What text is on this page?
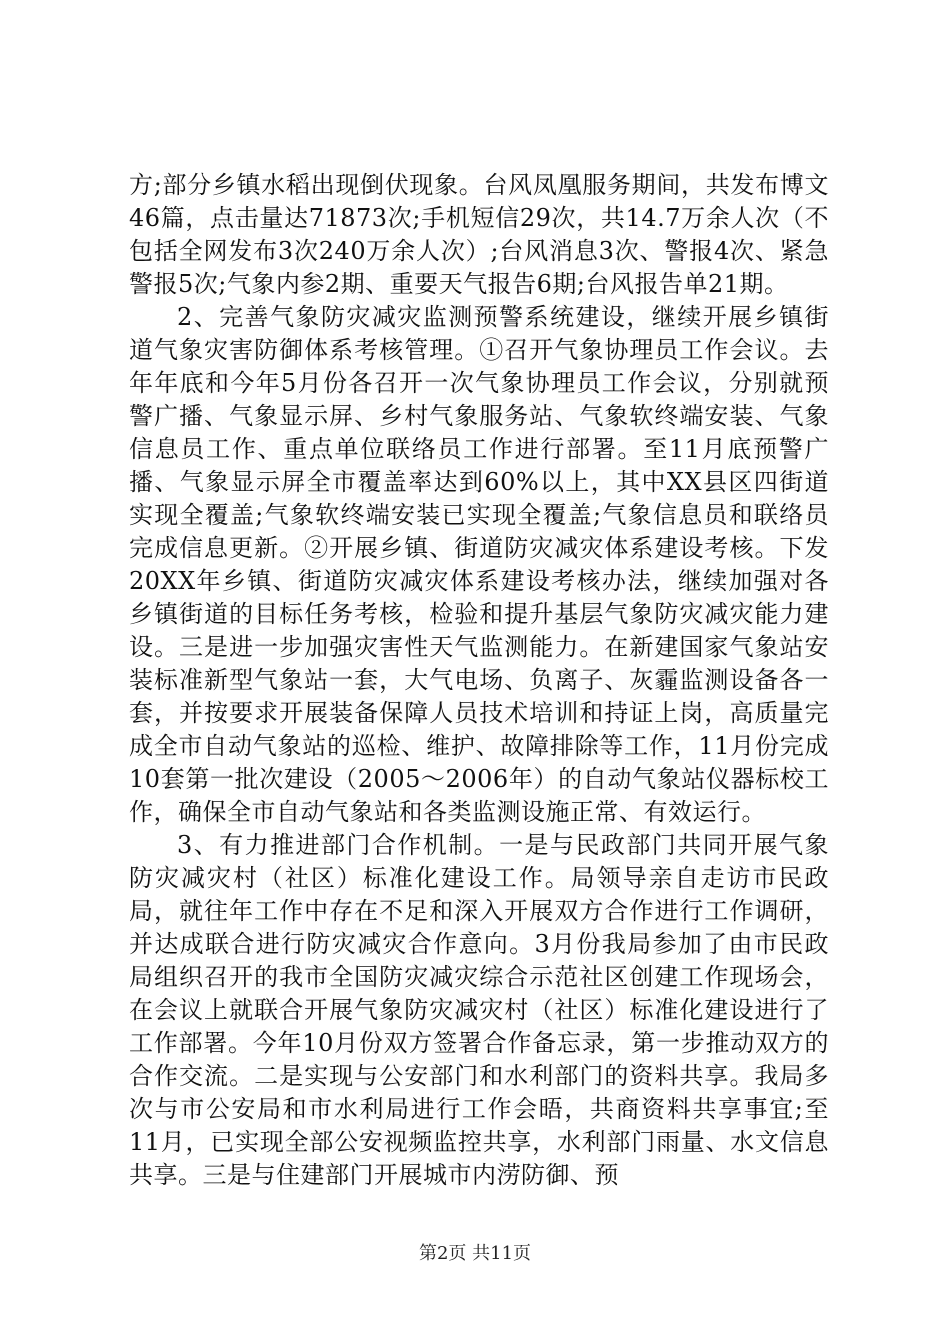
方;部分乡镇水稻出现倒伏现象。台风凤凰服务期间，共发布博文46篇，点击量达71873次;手机短信29次，共14.7万余人次（不包括全网发布3次240万余人次）;台风消息3次、警报4次、紧急警报5次;气象内参2期、重要天气报告6期;台风报告单21期。

2、完善气象防灾减灾监测预警系统建设，继续开展乡镇街道气象灾害防御体系考核管理。①召开气象协理员工作会议。去年年底和今年5月份各召开一次气象协理员工作会议，分别就预警广播、气象显示屏、乡村气象服务站、气象软终端安装、气象信息员工作、重点单位联络员工作进行部署。至11月底预警广播、气象显示屏全市覆盖率达到60%以上，其中XX县区四街道实现全覆盖;气象软终端安装已实现全覆盖;气象信息员和联络员完成信息更新。②开展乡镇、街道防灾减灾体系建设考核。下发20XX年乡镇、街道防灾减灾体系建设考核办法，继续加强对各乡镇街道的目标任务考核，检验和提升基层气象防灾减灾能力建设。三是进一步加强灾害性天气监测能力。在新建国家气象站安装标准新型气象站一套，大气电场、负离子、灰霾监测设备各一套，并按要求开展装备保障人员技术培训和持证上岗，高质量完成全市自动气象站的巡检、维护、故障排除等工作，11月份完成10套第一批次建设（2005～2006年）的自动气象站仪器标校工作，确保全市自动气象站和各类监测设施正常、有效运行。

3、有力推进部门合作机制。一是与民政部门共同开展气象防灾减灾村（社区）标准化建设工作。局领导亲自走访市民政局，就往年工作中存在不足和深入开展双方合作进行工作调研，并达成联合进行防灾减灾合作意向。3月份我局参加了由市民政局组织召开的我市全国防灾减灾综合示范社区创建工作现场会，在会议上就联合开展气象防灾减灾村（社区）标准化建设进行了工作部署。今年10月份双方签署合作备忘录，第一步推动双方的合作交流。二是实现与公安部门和水利部门的资料共享。我局多次与市公安局和市水利局进行工作会晤，共商资料共享事宜;至11月，已实现全部公安视频监控共享，水利部门雨量、水文信息共享。三是与住建部门开展城市内涝防御、预

第2页 共11页
